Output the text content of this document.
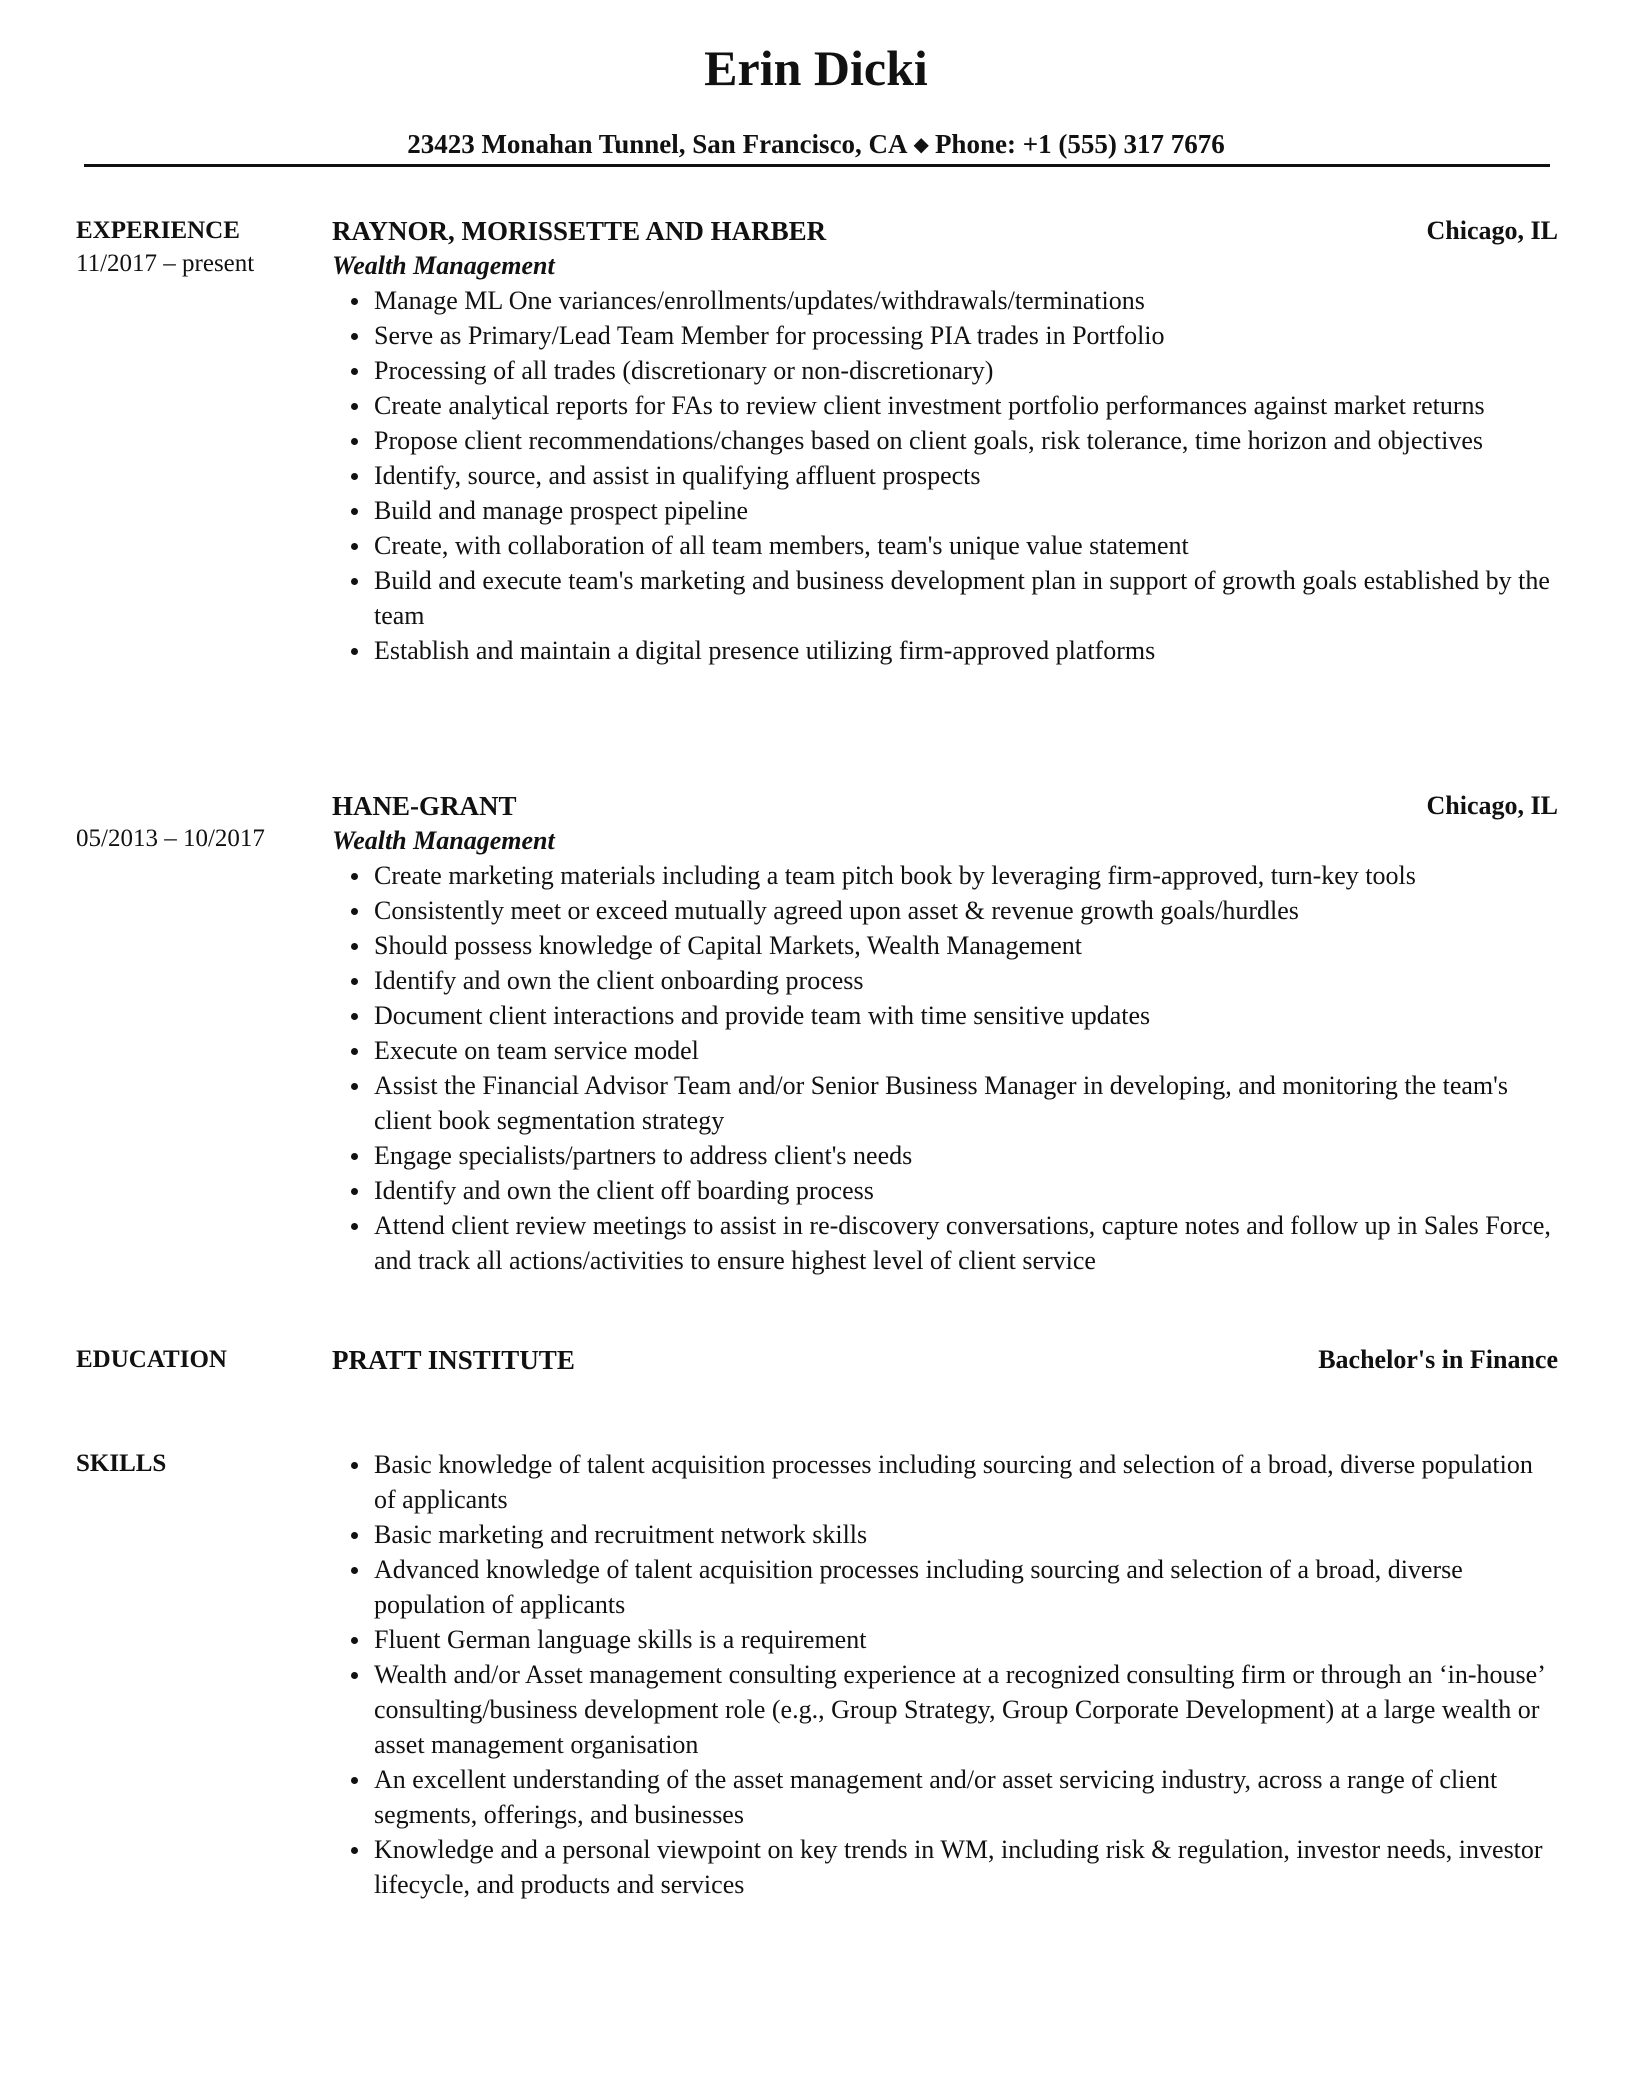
Erin Dicki
23423 Monahan Tunnel, San Francisco, CA ◆ Phone: +1 (555) 317 7676
EXPERIENCE
11/2017 – present
RAYNOR, MORISSETTE AND HARBER	Chicago, IL
Wealth Management
Manage ML One variances/enrollments/updates/withdrawals/terminations
Serve as Primary/Lead Team Member for processing PIA trades in Portfolio
Processing of all trades (discretionary or non-discretionary)
Create analytical reports for FAs to review client investment portfolio performances against market returns
Propose client recommendations/changes based on client goals, risk tolerance, time horizon and objectives
Identify, source, and assist in qualifying affluent prospects
Build and manage prospect pipeline
Create, with collaboration of all team members, team's unique value statement
Build and execute team's marketing and business development plan in support of growth goals established by the team
Establish and maintain a digital presence utilizing firm-approved platforms
05/2013 – 10/2017
HANE-GRANT	Chicago, IL
Wealth Management
Create marketing materials including a team pitch book by leveraging firm-approved, turn-key tools
Consistently meet or exceed mutually agreed upon asset & revenue growth goals/hurdles
Should possess knowledge of Capital Markets, Wealth Management
Identify and own the client onboarding process
Document client interactions and provide team with time sensitive updates
Execute on team service model
Assist the Financial Advisor Team and/or Senior Business Manager in developing, and monitoring the team's client book segmentation strategy
Engage specialists/partners to address client's needs
Identify and own the client off boarding process
Attend client review meetings to assist in re-discovery conversations, capture notes and follow up in Sales Force, and track all actions/activities to ensure highest level of client service
EDUCATION	PRATT INSTITUTE	Bachelor's in Finance
SKILLS	Basic knowledge of talent acquisition processes including sourcing and selection of a broad, diverse population of applicants
Basic marketing and recruitment network skills
Advanced knowledge of talent acquisition processes including sourcing and selection of a broad, diverse population of applicants
Fluent German language skills is a requirement
Wealth and/or Asset management consulting experience at a recognized consulting firm or through an ‘in-house’ consulting/business development role (e.g., Group Strategy, Group Corporate Development) at a large wealth or asset management organisation
An excellent understanding of the asset management and/or asset servicing industry, across a range of client segments, offerings, and businesses
Knowledge and a personal viewpoint on key trends in WM, including risk & regulation, investor needs, investor lifecycle, and products and services
